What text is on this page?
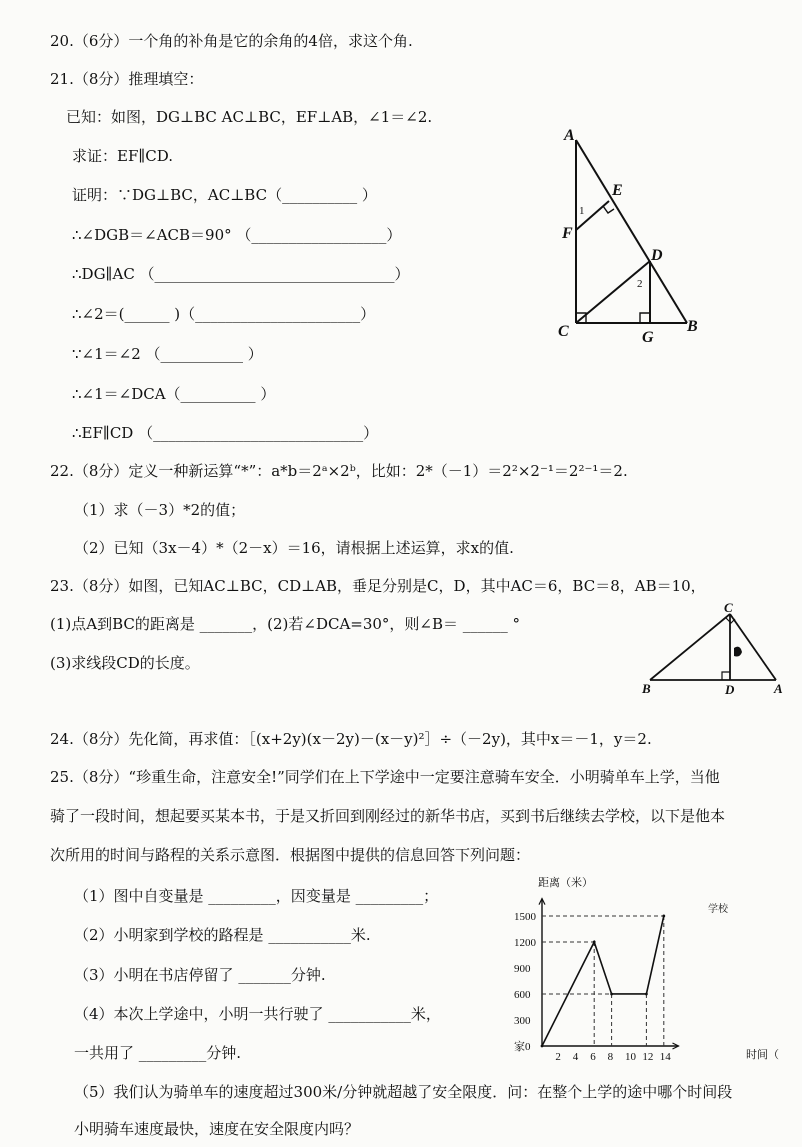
20.（6分）一个角的补角是它的余角的4倍，求这个角.
21.（8分）推理填空：
已知：如图，DG⊥BC AC⊥BC，EF⊥AB，∠1＝∠2.
求证：EF∥CD.
证明：∵DG⊥BC，AC⊥BC（__________ ）
∴∠DGB＝∠ACB＝90° （__________________）
∴DG∥AC （________________________________）
∴∠2＝(______ )（______________________）
∵∠1＝∠2 （___________ ）
∴∠1＝∠DCA（__________ ）
∴EF∥CD （____________________________）
A
E
F
D
C	G
B
1
2
22.（8分）定义一种新运算“*”：a*b＝2ᵃ×2ᵇ，比如：2*（－1）＝2²×2⁻¹＝2²⁻¹＝2.
（1）求（－3）*2的值；
（2）已知（3x－4）*（2－x）＝16，请根据上述运算，求x的值.
23.（8分）如图，已知AC⊥BC，CD⊥AB，垂足分别是C，D，其中AC＝6，BC＝8，AB＝10，
(1)点A到BC的距离是 _______，(2)若∠DCA=30°，则∠B＝ ______ °
(3)求线段CD的长度。
C
B	D	A
24.（8分）先化简，再求值：［(x+2y)(x－2y)－(x－y)²］÷（－2y)，其中x＝－1，y＝2.
25.（8分）“珍重生命，注意安全!”同学们在上下学途中一定要注意骑车安全．小明骑单车上学，当他
骑了一段时间，想起要买某本书，于是又折回到刚经过的新华书店，买到书后继续去学校，以下是他本
次所用的时间与路程的关系示意图．根据图中提供的信息回答下列问题：
（1）图中自变量是 _________，因变量是 _________；
（2）小明家到学校的路程是 ___________米.
（3）小明在书店停留了 _______分钟.
（4）本次上学途中，小明一共行驶了 ___________米，
一共用了 _________分钟.
（5）我们认为骑单车的速度超过300米/分钟就超越了安全限度．问：在整个上学的途中哪个时间段
小明骑车速度最快，速度在安全限度内吗？
2 4 6 8 10 12 14
300
600
900
1200
1500
距离（米）
时间（
家0
学校
